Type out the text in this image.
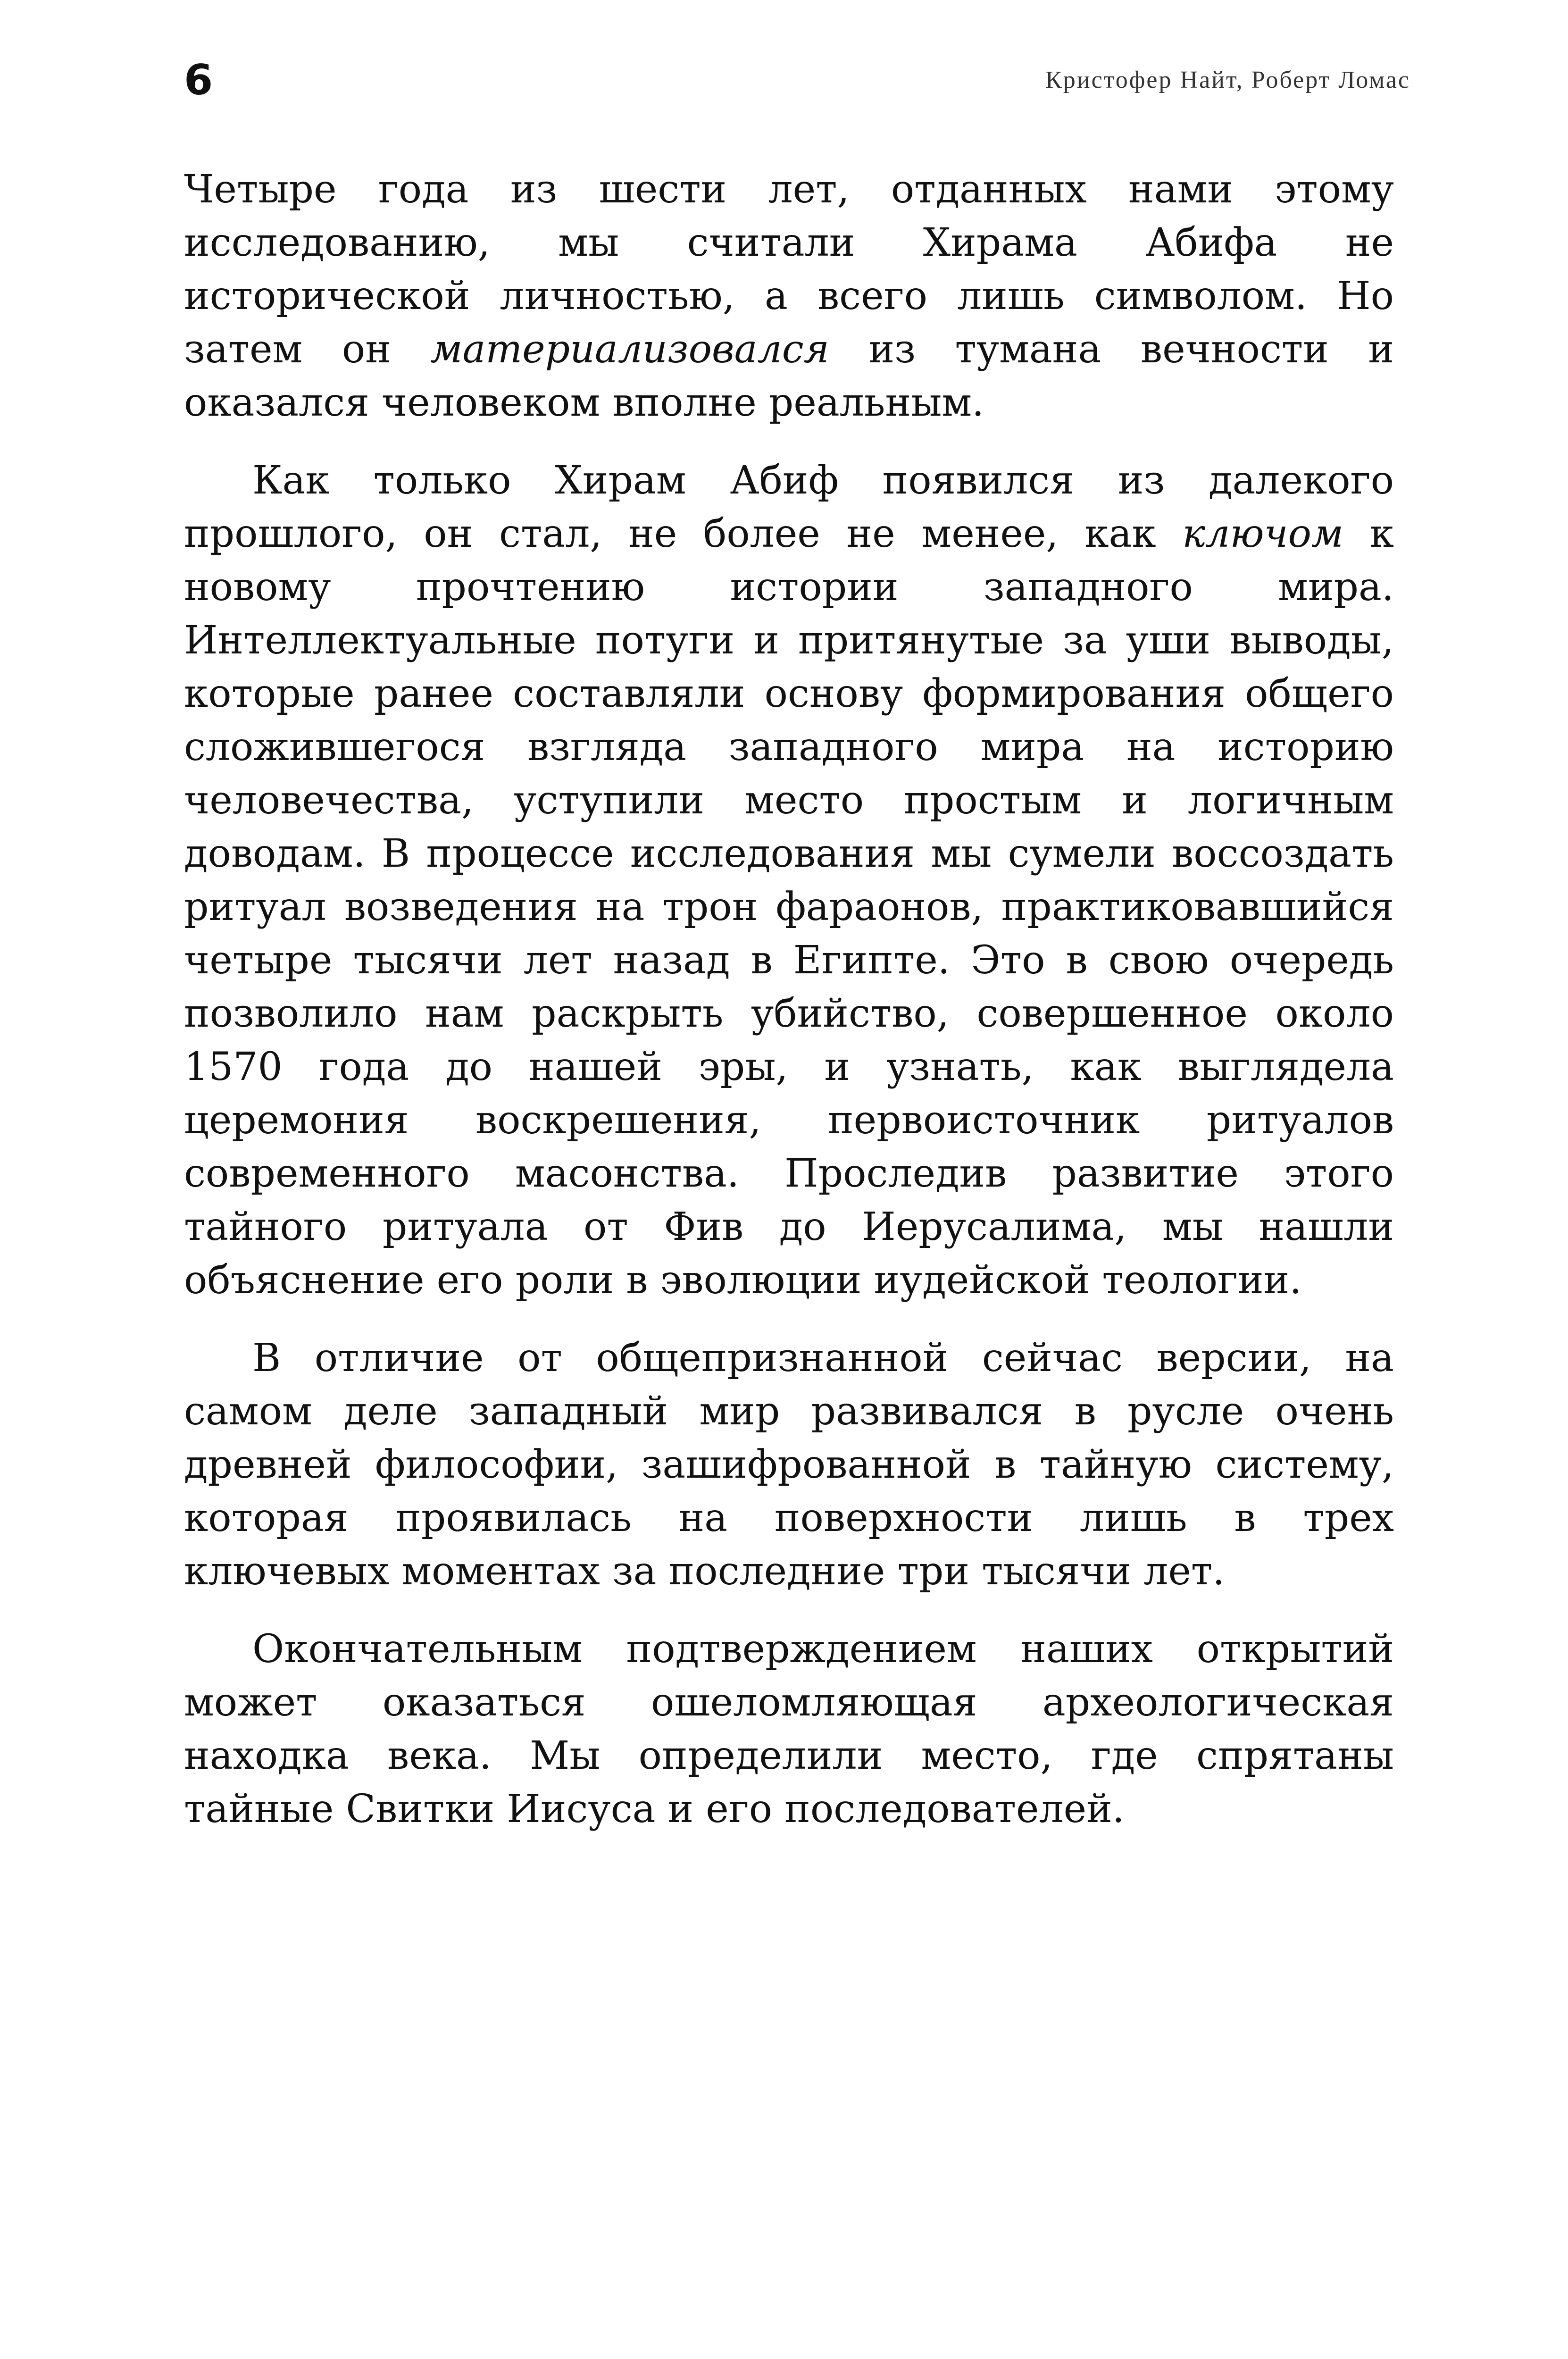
6	Кристофер Найт, Роберт Ломас

Четыре года из шести лет, отданных нами этому исследованию, мы считали Хирама Абифа не исторической личностью, а всего лишь символом. Но затем он материализовался из тумана вечности и оказался человеком вполне реальным.

Как только Хирам Абиф появился из далекого прошлого, он стал, не более не менее, как ключом к новому прочтению истории западного мира. Интеллектуальные потуги и притянутые за уши выводы, которые ранее составляли основу формирования общего сложившегося взгляда западного мира на историю человечества, уступили место простым и логичным доводам. В процессе исследования мы сумели воссоздать ритуал возведения на трон фараонов, практиковавшийся четыре тысячи лет назад в Египте. Это в свою очередь позволило нам раскрыть убийство, совершенное около 1570 года до нашей эры, и узнать, как выглядела церемония воскрешения, первоисточник ритуалов современного масонства. Проследив развитие этого тайного ритуала от Фив до Иерусалима, мы нашли объяснение его роли в эволюции иудейской теологии.

В отличие от общепризнанной сейчас версии, на самом деле западный мир развивался в русле очень древней философии, зашифрованной в тайную систему, которая проявилась на поверхности лишь в трех ключевых моментах за последние три тысячи лет.

Окончательным подтверждением наших открытий может оказаться ошеломляющая археологическая находка века. Мы определили место, где спрятаны тайные Свитки Иисуса и его последователей.
